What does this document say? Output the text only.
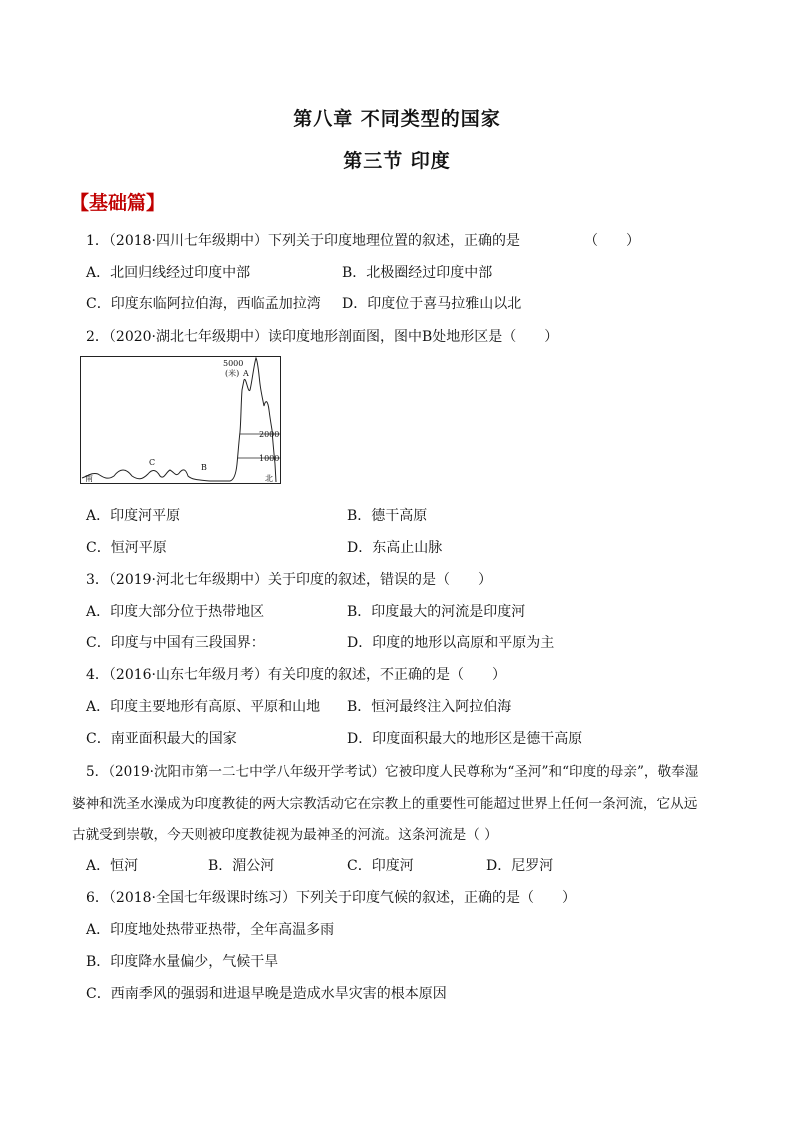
第八章 不同类型的国家
第三节 印度
【基础篇】
1．（2018·四川七年级期中）下列关于印度地理位置的叙述，正确的是	（　　）
A．北回归线经过印度中部	B．北极圈经过印度中部
C．印度东临阿拉伯海，西临孟加拉湾 D．印度位于喜马拉雅山以北
2．（2020·湖北七年级期中）读印度地形剖面图，图中B处地形区是（　　）
5000
(米)
2000
1000
南	北
A
B
C
A．印度河平原	B．德干高原
C．恒河平原	D．东高止山脉
3．（2019·河北七年级期中）关于印度的叙述，错误的是（　　）
A．印度大部分位于热带地区	B．印度最大的河流是印度河
C．印度与中国有三段国界：	D．印度的地形以高原和平原为主
4．（2016·山东七年级月考）有关印度的叙述，不正确的是（　　）
A．印度主要地形有高原、平原和山地 B．恒河最终注入阿拉伯海
C．南亚面积最大的国家	D．印度面积最大的地形区是德干高原
5．（2019·沈阳市第一二七中学八年级开学考试）它被印度人民尊称为“圣河”和“印度的母亲”，敬奉湿
婆神和洗圣水澡成为印度教徒的两大宗教活动它在宗教上的重要性可能超过世界上任何一条河流，它从远
古就受到崇敬，今天则被印度教徒视为最神圣的河流。这条河流是（ ）
A．恒河	B．湄公河	C．印度河	D．尼罗河
6．（2018·全国七年级课时练习）下列关于印度气候的叙述，正确的是（　　）
A．印度地处热带亚热带，全年高温多雨
B．印度降水量偏少，气候干旱
C．西南季风的强弱和进退早晚是造成水旱灾害的根本原因
